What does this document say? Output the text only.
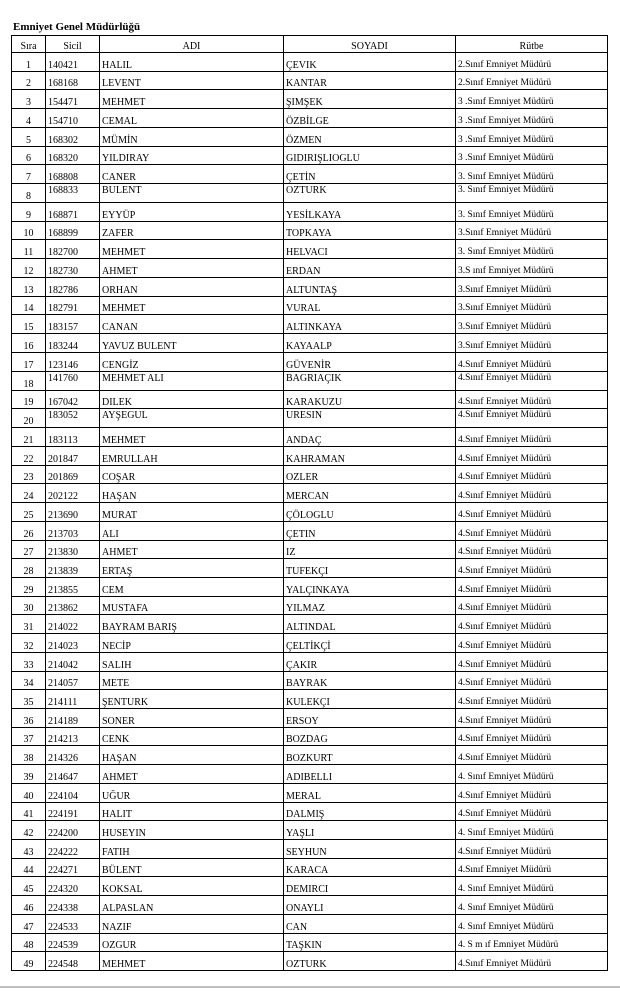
Emniyet Genel Müdürlüğü
Sıra	Sicil	ADI	SOYADI	Rütbe
1	140421	HALIL	ÇEVIK	2.Sınıf Emniyet Müdürü
2	168168	LEVENT	KANTAR	2.Sınıf Emniyet Müdürü
3	154471	MEHMET	ŞIMŞEK	3 .Sınıf Emniyet Müdürü
4	154710	CEMAL	ÖZBİLGE	3 .Sınıf Emniyet Müdürü
5	168302	MÜMİN	ÖZMEN	3 .Sınıf Emniyet Müdürü
6	168320	YILDIRAY	GIDIRIŞLIOGLU	3 .Sınıf Emniyet Müdürü
7	168808	CANER	ÇETİN	3. Sınıf Emniyet Müdürü
8	168833	BULENT	OZTURK	3. Sınıf Emniyet Müdürü
9	168871	EYYÜP	YESİLKAYA	3. Sınıf Emniyet Müdürü
10	168899	ZAFER	TOPKAYA	3.Sınıf Emniyet Müdürü
11	182700	MEHMET	HELVACI	3. Sınıf Emniyet Müdürü
12	182730	AHMET	ERDAN	3.S ınıf Emniyet Müdürü
13	182786	ORHAN	ALTUNTAŞ	3.Sınıf Emniyet Müdürü
14	182791	MEHMET	VURAL	3.Sınıf Emniyet Müdürü
15	183157	CANAN	ALTINKAYA	3.Sınıf Emniyet Müdürü
16	183244	YAVUZ BULENT	KAYAALP	3.Sınıf Emniyet Müdürü
17	123146	CENGİZ	GÜVENİR	4.Sınıf Emniyet Müdürü
18	141760	MEHMET ALI	BAGRIAÇIK	4.Sınıf Emniyet Müdürü
19	167042	DILEK	KARAKUZU	4.Sınıf Emniyet Müdürü
20	183052	AYŞEGUL	URESIN	4.Sınıf Emniyet Müdürü
21	183113	MEHMET	ANDAÇ	4.Sınıf Emniyet Müdürü
22	201847	EMRULLAH	KAHRAMAN	4.Sınıf Emniyet Müdürü
23	201869	COŞAR	OZLER	4.Sınıf Emniyet Müdürü
24	202122	HAŞAN	MERCAN	4.Sınıf Emniyet Müdürü
25	213690	MURAT	ÇÖLOGLU	4.Sınıf Emniyet Müdürü
26	213703	ALI	ÇETIN	4.Sınıf Emniyet Müdürü
27	213830	AHMET	IZ	4.Sınıf Emniyet Müdürü
28	213839	ERTAŞ	TUFEKÇI	4.Sınıf Emniyet Müdürü
29	213855	CEM	YALÇINKAYA	4.Sınıf Emniyet Müdürü
30	213862	MUSTAFA	YILMAZ	4.Sınıf Emniyet Müdürü
31	214022	BAYRAM BARIŞ	ALTINDAL	4.Sınıf Emniyet Müdürü
32	214023	NECİP	ÇELTİKÇİ	4.Sınıf Emniyet Müdürü
33	214042	SALIH	ÇAKIR	4.Sınıf Emniyet Müdürü
34	214057	METE	BAYRAK	4.Sınıf Emniyet Müdürü
35	214111	ŞENTURK	KULEKÇI	4.Sınıf Emniyet Müdürü
36	214189	SONER	ERSOY	4.Sınıf Emniyet Müdürü
37	214213	CENK	BOZDAG	4.Sınıf Emniyet Müdürü
38	214326	HAŞAN	BOZKURT	4.Sınıf Emniyet Müdürü
39	214647	AHMET	ADIBELLI	4. Sınıf Emniyet Müdürü
40	224104	UĞUR	MERAL	4.Sınıf Emniyet Müdürü
41	224191	HALIT	DALMIŞ	4.Sınıf Emniyet Müdürü
42	224200	HUSEYIN	YAŞLI	4. Sınıf Emniyet Müdürü
43	224222	FATIH	SEYHUN	4.Sınıf Emniyet Müdürü
44	224271	BÜLENT	KARACA	4.Sınıf Emniyet Müdürü
45	224320	KOKSAL	DEMIRCI	4. Sınıf Emniyet Müdürü
46	224338	ALPASLAN	ONAYLI	4. Sınıf Emniyet Müdürü
47	224533	NAZIF	CAN	4. Sınıf Emniyet Müdürü
48	224539	OZGUR	TAŞKIN	4. S m ıf Emniyet Müdürü
49	224548	MEHMET	OZTURK	4.Sınıf Emniyet Müdürü
